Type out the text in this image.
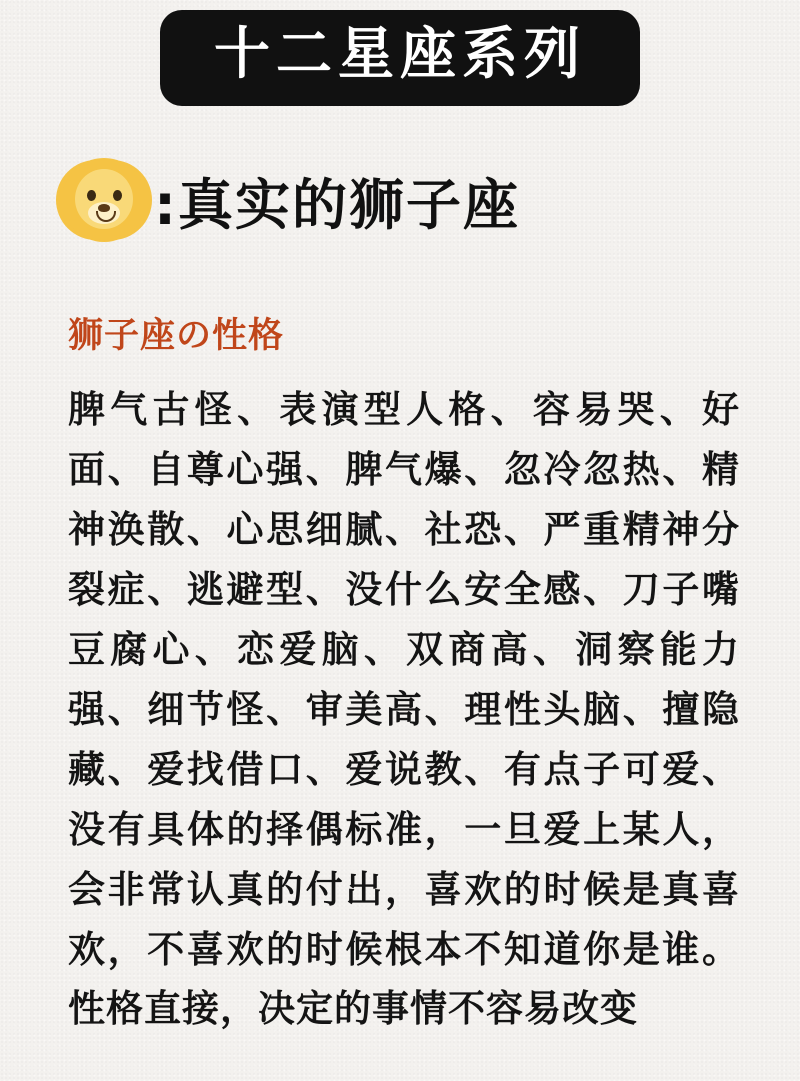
十二星座系列
:真实的狮子座
狮子座の性格
脾气古怪、表演型人格、容易哭、好面、自尊心强、脾气爆、忽冷忽热、精神涣散、心思细腻、社恐、严重精神分裂症、逃避型、没什么安全感、刀子嘴豆腐心、恋爱脑、双商高、洞察能力强、细节怪、审美高、理性头脑、擅隐藏、爱找借口、爱说教、有点子可爱、没有具体的择偶标准，一旦爱上某人，会非常认真的付出，喜欢的时候是真喜欢，不喜欢的时候根本不知道你是谁。性格直接，决定的事情不容易改变
